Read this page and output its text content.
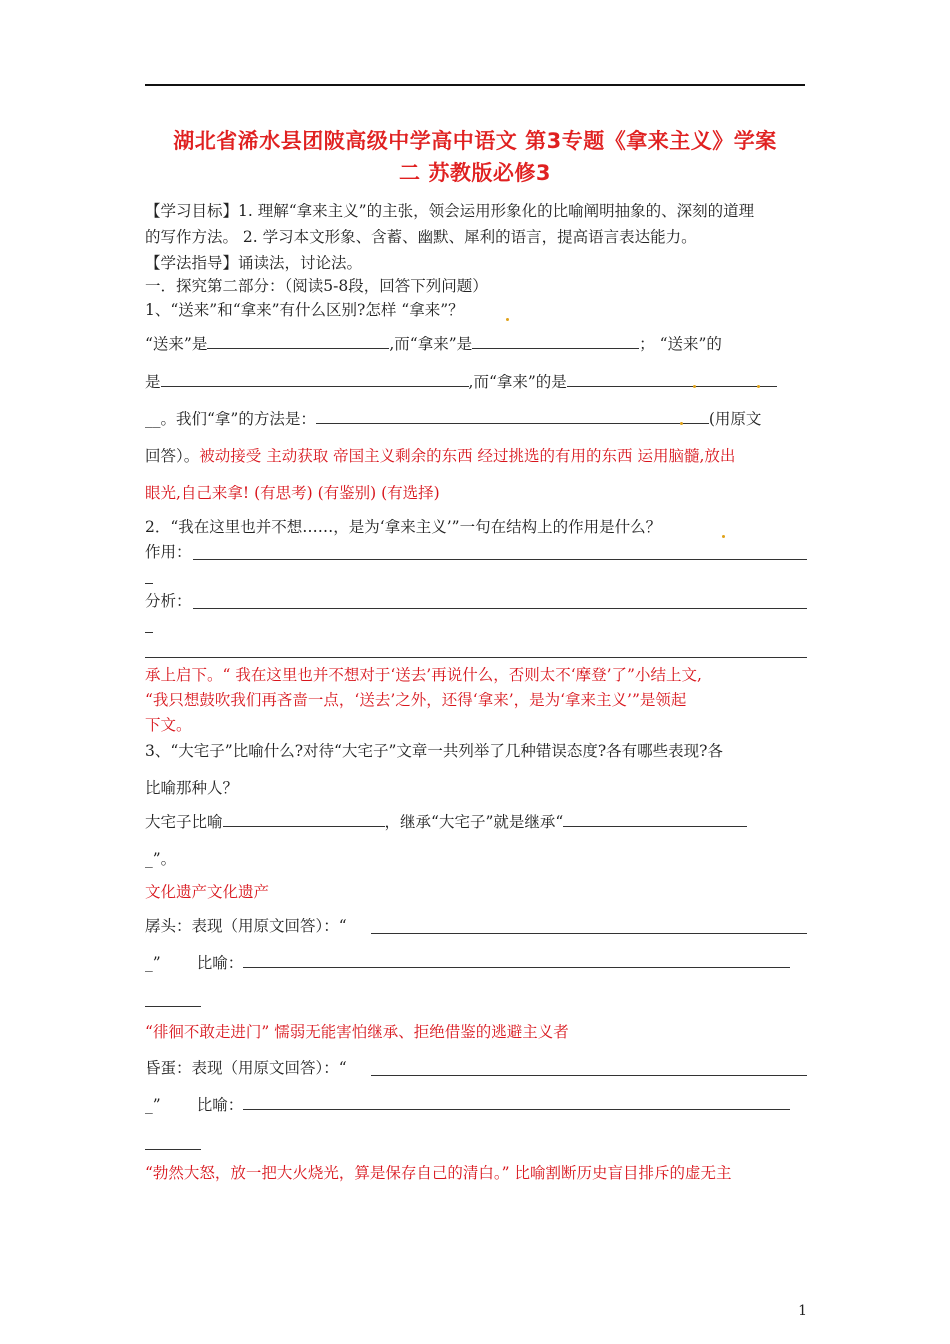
湖北省浠水县团陂高级中学高中语文 第3专题《拿来主义》学案
二 苏教版必修3
【学习目标】1. 理解“拿来主义”的主张，领会运用形象化的比喻阐明抽象的、深刻的道理
的写作方法。 2. 学习本文形象、含蓄、幽默、犀利的语言，提高语言表达能力。
【学法指导】诵读法，讨论法。
一．探究第二部分：（阅读5-8段，回答下列问题）
1、“送来”和“拿来”有什么区别?怎样 “拿来”？
“送来”是	,而“拿来”是	； “送来”的
是	,而“拿来”的是
__。我们“拿”的方法是：	(用原文
回答）。被动接受 主动获取 帝国主义剩余的东西 经过挑选的有用的东西 运用脑髓,放出
眼光,自己来拿! (有思考) (有鉴别) (有选择)
2．“我在这里也并不想……，是为‘拿来主义’”一句在结构上的作用是什么？
作用：
分析：
承上启下。“ 我在这里也并不想对于‘送去’再说什么，否则太不‘摩登’了”小结上文,
“我只想鼓吹我们再吝啬一点，‘送去’之外，还得‘拿来’，是为‘拿来主义’”是领起
下文。
3、“大宅子”比喻什么?对待“大宅子”文章一共列举了几种错误态度?各有哪些表现?各
比喻那种人？
大宅子比喻	，继承“大宅子”就是继承“
_”。
文化遗产文化遗产
孱头：表现（用原文回答）：“
_” 比喻：
“徘徊不敢走进门” 懦弱无能害怕继承、拒绝借鉴的逃避主义者
昏蛋：表现（用原文回答）：“
_” 比喻：
“勃然大怒，放一把大火烧光，算是保存自己的清白。” 比喻割断历史盲目排斥的虚无主
1
